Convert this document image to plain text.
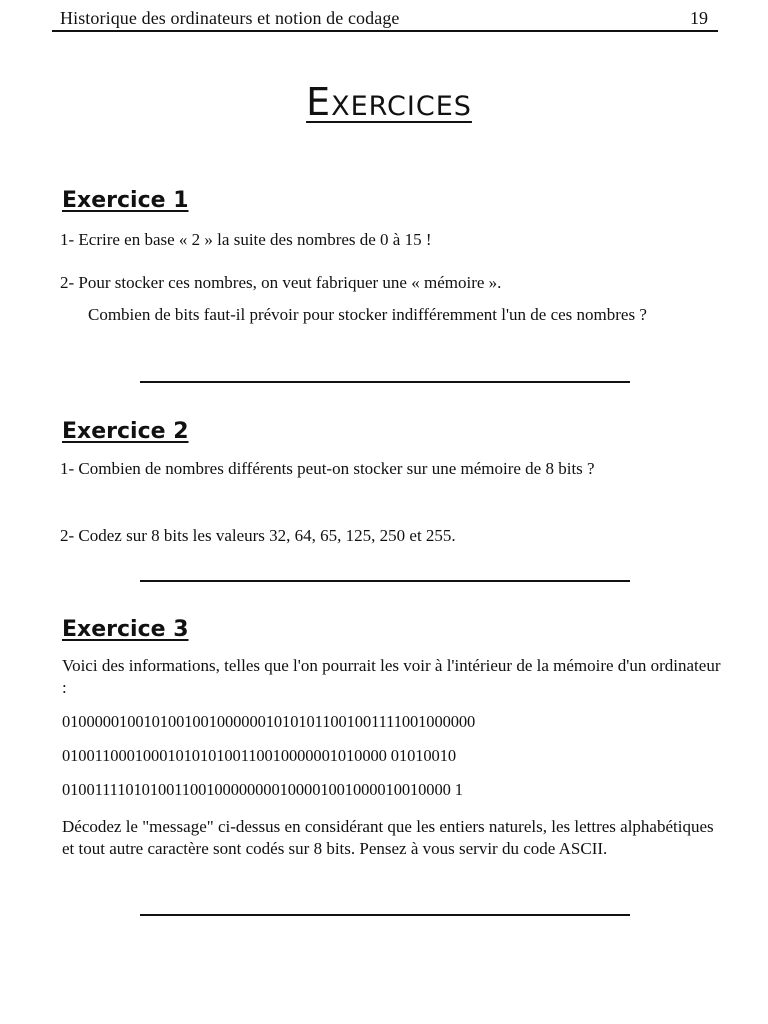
Historique des ordinateurs et notion de codage	19
Exercices
Exercice 1
1- Ecrire en base « 2 » la suite des nombres de 0 à 15 !
2- Pour stocker ces nombres, on veut fabriquer une « mémoire ».
Combien de bits faut-il prévoir pour stocker indifféremment l'un de ces nombres ?
Exercice 2
1- Combien de nombres différents peut-on stocker sur une mémoire de 8 bits ?
2- Codez sur 8 bits les valeurs 32, 64, 65, 125, 250 et 255.
Exercice 3
Voici des informations, telles que l'on pourrait les voir à l'intérieur de la mémoire d'un ordinateur :
010000010010100100100000010101011001001111001000000
0100110001000101010100110010000001010000 01010010
010011110101001100100000000100001001000010010000 1
Décodez le "message" ci-dessus en considérant que les entiers naturels, les lettres alphabétiques et tout autre caractère sont codés sur 8 bits. Pensez à vous servir du code ASCII.
